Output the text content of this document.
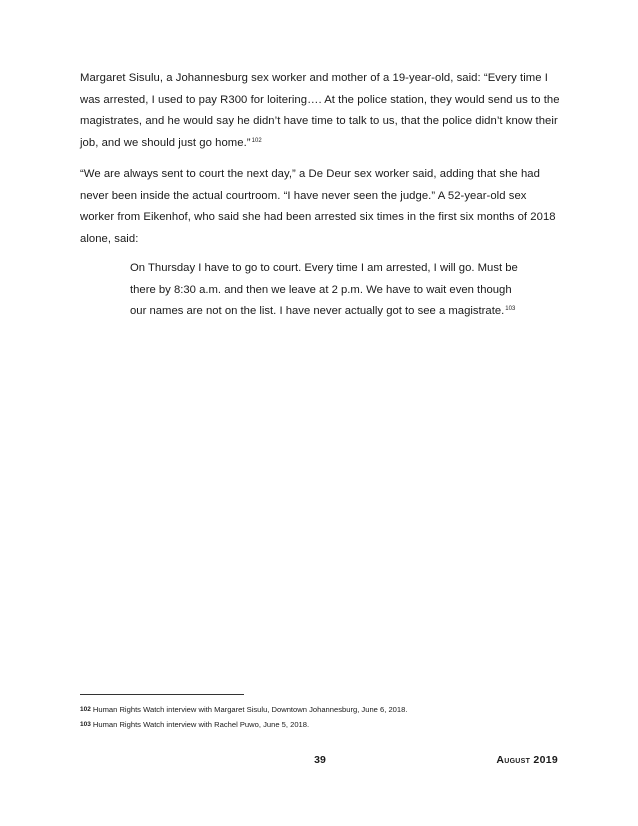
Margaret Sisulu, a Johannesburg sex worker and mother of a 19-year-old, said: “Every time I was arrested, I used to pay R300 for loitering…. At the police station, they would send us to the magistrates, and he would say he didn’t have time to talk to us, that the police didn’t know their job, and we should just go home.”$^{102}$

“We are always sent to court the next day,” a De Deur sex worker said, adding that she had never been inside the actual courtroom. “I have never seen the judge.” A 52-year-old sex worker from Eikenhof, who said she had been arrested six times in the first six months of 2018 alone, said:

On Thursday I have to go to court. Every time I am arrested, I will go. Must be there by 8:30 a.m. and then we leave at 2 p.m. We have to wait even though our names are not on the list. I have never actually got to see a magistrate.$^{103}$

102 Human Rights Watch interview with Margaret Sisulu, Downtown Johannesburg, June 6, 2018.
103 Human Rights Watch interview with Rachel Puwo, June 5, 2018.
39	August 2019
